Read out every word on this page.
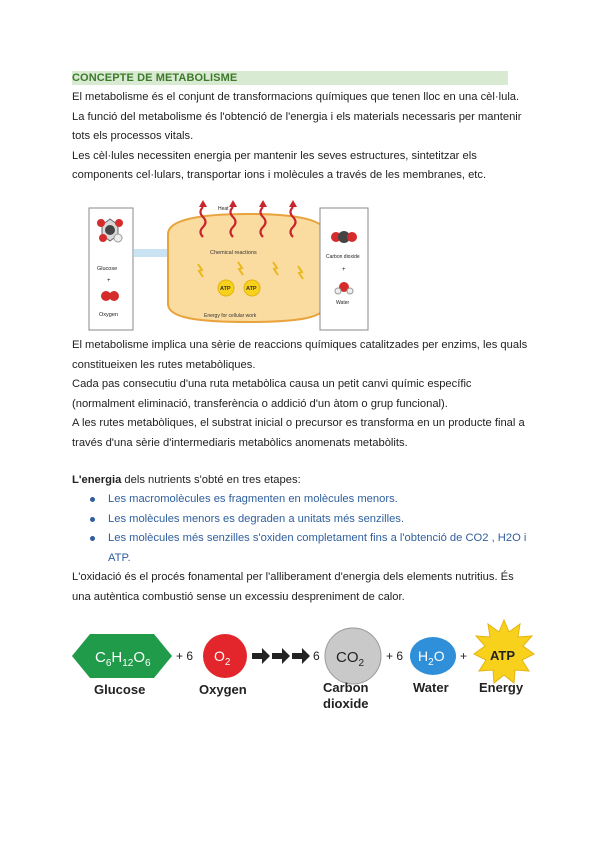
CONCEPTE DE METABOLISME
El metabolisme és el conjunt de transformacions químiques que tenen lloc en una cèl·lula.
La funció del metabolisme és l'obtenció de l'energia i els materials necessaris per mantenir
tots els processos vitals.
Les cèl·lules necessiten energia per mantenir les seves estructures, sintetitzar els
components cel·lulars, transportar ions i molècules a través de les membranes, etc.
Glucose
+
Oxygen
Heat
Chemical reactions
ATP	ATP
Energy for cellular work
Carbon dioxide
+
Water
El metabolisme implica una sèrie de reaccions químiques catalitzades per enzims, les quals
constitueixen les rutes metabòliques.
Cada pas consecutiu d'una ruta metabòlica causa un petit canvi químic específic
(normalment eliminació, transferència o addició d'un àtom o grup funcional).
A les rutes metabòliques, el substrat inicial o precursor es transforma en un producte final a
través d'una sèrie d'intermediaris metabòlics anomenats metabòlits.
L'energia dels nutrients s'obté en tres etapes:
Les macromolècules es fragmenten en molècules menors.
Les molècules menors es degraden a unitats més senzilles.
Les molècules més senzilles s'oxiden completament fins a l'obtenció de CO2 , H2O i
ATP.
L'oxidació és el procés fonamental per l'alliberament d'energia dels elements nutritius. És
una autèntica combustió sense un excessiu despreniment de calor.
$C_6H_{12}O_6$
+ 6 $O_2$	6 $CO_2$
+ 6 $H_2O$ + ATP
Glucose	Oxygen	Carbon
dioxide
Water Energy
